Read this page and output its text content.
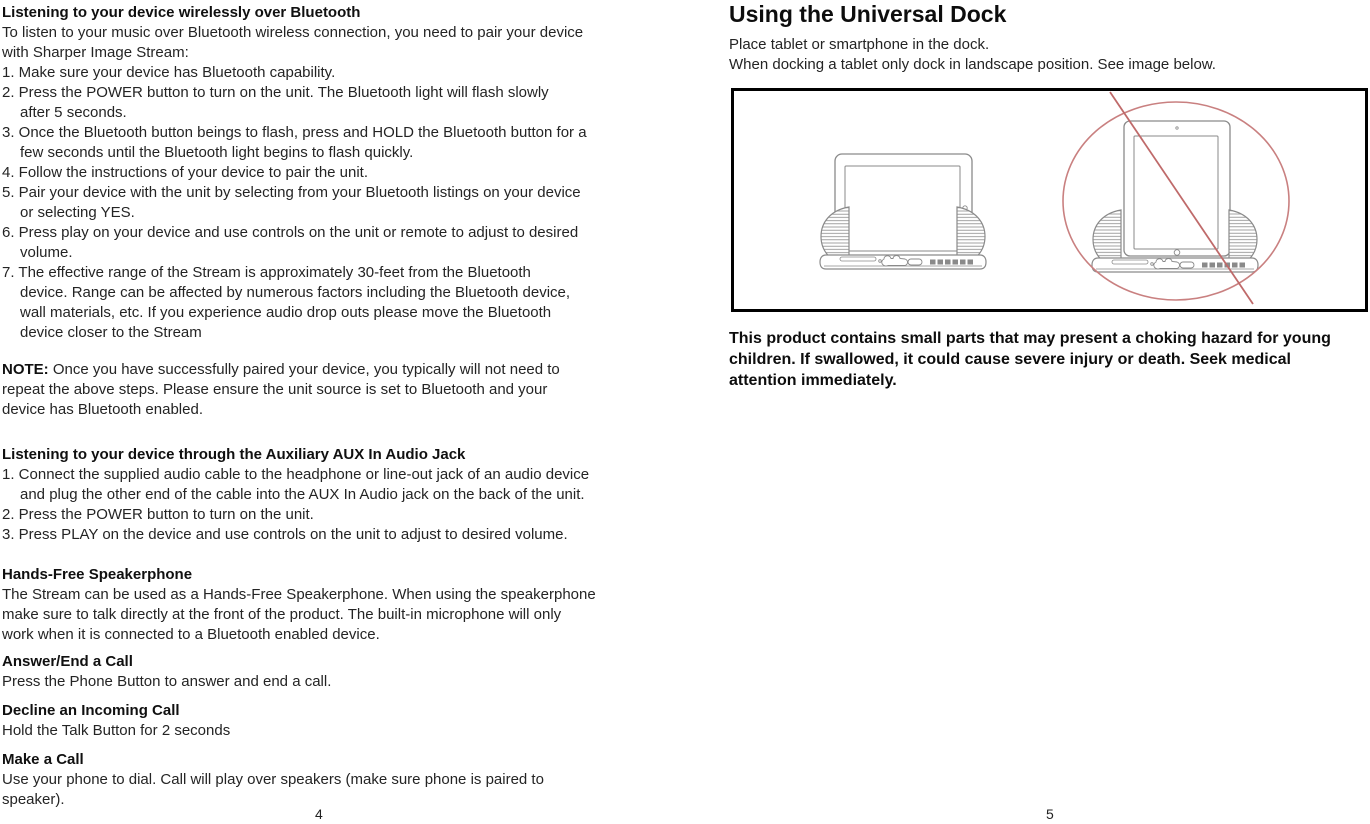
Listening to your device wirelessly over Bluetooth
To listen to your music over Bluetooth wireless connection, you need to pair your device
with Sharper Image Stream:
1. Make sure your device has Bluetooth capability.
2. Press the POWER button to turn on the unit. The Bluetooth light will flash slowly
after 5 seconds.
3. Once the Bluetooth button beings to flash, press and HOLD the Bluetooth button for a
few seconds until the Bluetooth light begins to flash quickly.
4. Follow the instructions of your device to pair the unit.
5. Pair your device with the unit by selecting from your Bluetooth listings on your device
or selecting YES.
6. Press play on your device and use controls on the unit or remote to adjust to desired
volume.
7. The effective range of the Stream is approximately 30-feet from the Bluetooth
device. Range can be affected by numerous factors including the Bluetooth device,
wall materials, etc. If you experience audio drop outs please move the Bluetooth
device closer to the Stream
NOTE: Once you have successfully paired your device, you typically will not need to
repeat the above steps. Please ensure the unit source is set to Bluetooth and your
device has Bluetooth enabled.
Listening to your device through the Auxiliary AUX In Audio Jack
1. Connect the supplied audio cable to the headphone or line-out jack of an audio device
and plug the other end of the cable into the AUX In Audio jack on the back of the unit.
2. Press the POWER button to turn on the unit.
3. Press PLAY on the device and use controls on the unit to adjust to desired volume.
Hands-Free Speakerphone
The Stream can be used as a Hands-Free Speakerphone. When using the speakerphone
make sure to talk directly at the front of the product. The built-in microphone will only
work when it is connected to a Bluetooth enabled device.
Answer/End a Call
Press the Phone Button to answer and end a call.
Decline an Incoming Call
Hold the Talk Button for 2 seconds
Make a Call
Use your phone to dial. Call will play over speakers (make sure phone is paired to
speaker).
Using the Universal Dock
Place tablet or smartphone in the dock.
When docking a tablet only dock in landscape position. See image below.
This product contains small parts that may present a choking hazard for young
children. If swallowed, it could cause severe injury or death. Seek medical
attention immediately.
4	5
